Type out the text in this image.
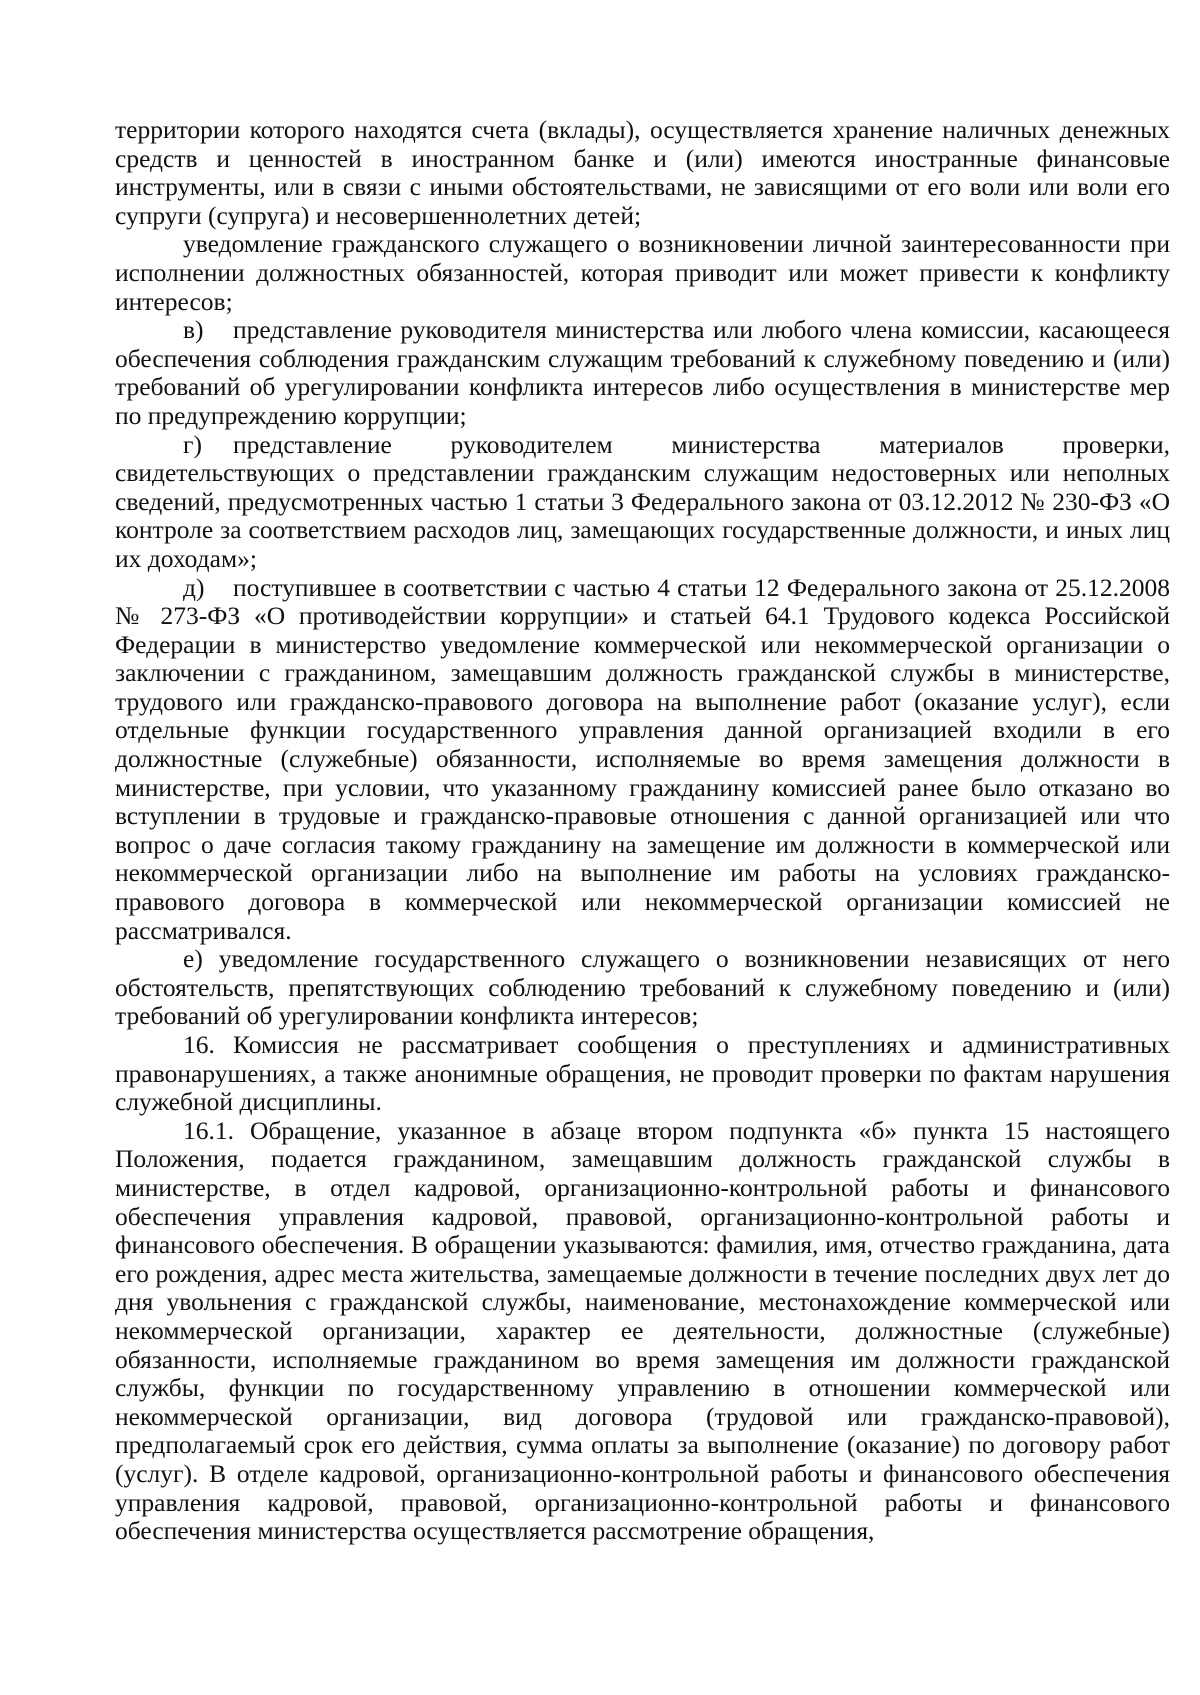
территории которого находятся счета (вклады), осуществляется хранение наличных денежных средств и ценностей в иностранном банке и (или) имеются иностранные финансовые инструменты, или в связи с иными обстоятельствами, не зависящими от его воли или воли его супруги (супруга) и несовершеннолетних детей;

уведомление гражданского служащего о возникновении личной заинтересованности при исполнении должностных обязанностей, которая приводит или может привести к конфликту интересов;

в) представление руководителя министерства или любого члена комиссии, касающееся обеспечения соблюдения гражданским служащим требований к служебному поведению и (или) требований об урегулировании конфликта интересов либо осуществления в министерстве мер по предупреждению коррупции;

г) представление руководителем министерства материалов проверки, свидетельствующих о представлении гражданским служащим недостоверных или неполных сведений, предусмотренных частью 1 статьи 3 Федерального закона от 03.12.2012 № 230-ФЗ «О контроле за соответствием расходов лиц, замещающих государственные должности, и иных лиц их доходам»;

д) поступившее в соответствии с частью 4 статьи 12 Федерального закона от 25.12.2008 № 273-ФЗ «О противодействии коррупции» и статьей 64.1 Трудового кодекса Российской Федерации в министерство уведомление коммерческой или некоммерческой организации о заключении с гражданином, замещавшим должность гражданской службы в министерстве, трудового или гражданско-правового договора на выполнение работ (оказание услуг), если отдельные функции государственного управления данной организацией входили в его должностные (служебные) обязанности, исполняемые во время замещения должности в министерстве, при условии, что указанному гражданину комиссией ранее было отказано во вступлении в трудовые и гражданско-правовые отношения с данной организацией или что вопрос о даче согласия такому гражданину на замещение им должности в коммерческой или некоммерческой организации либо на выполнение им работы на условиях гражданско-правового договора в коммерческой или некоммерческой организации комиссией не рассматривался.

е) уведомление государственного служащего о возникновении независящих от него обстоятельств, препятствующих соблюдению требований к служебному поведению и (или) требований об урегулировании конфликта интересов;

16. Комиссия не рассматривает сообщения о преступлениях и административных правонарушениях, а также анонимные обращения, не проводит проверки по фактам нарушения служебной дисциплины.

16.1. Обращение, указанное в абзаце втором подпункта «б» пункта 15 настоящего Положения, подается гражданином, замещавшим должность гражданской службы в министерстве, в отдел кадровой, организационно-контрольной работы и финансового обеспечения управления кадровой, правовой, организационно-контрольной работы и финансового обеспечения. В обращении указываются: фамилия, имя, отчество гражданина, дата его рождения, адрес места жительства, замещаемые должности в течение последних двух лет до дня увольнения с гражданской службы, наименование, местонахождение коммерческой или некоммерческой организации, характер ее деятельности, должностные (служебные) обязанности, исполняемые гражданином во время замещения им должности гражданской службы, функции по государственному управлению в отношении коммерческой или некоммерческой организации, вид договора (трудовой или гражданско-правовой), предполагаемый срок его действия, сумма оплаты за выполнение (оказание) по договору работ (услуг). В отделе кадровой, организационно-контрольной работы и финансового обеспечения управления кадровой, правовой, организационно-контрольной работы и финансового обеспечения министерства осуществляется рассмотрение обращения,
